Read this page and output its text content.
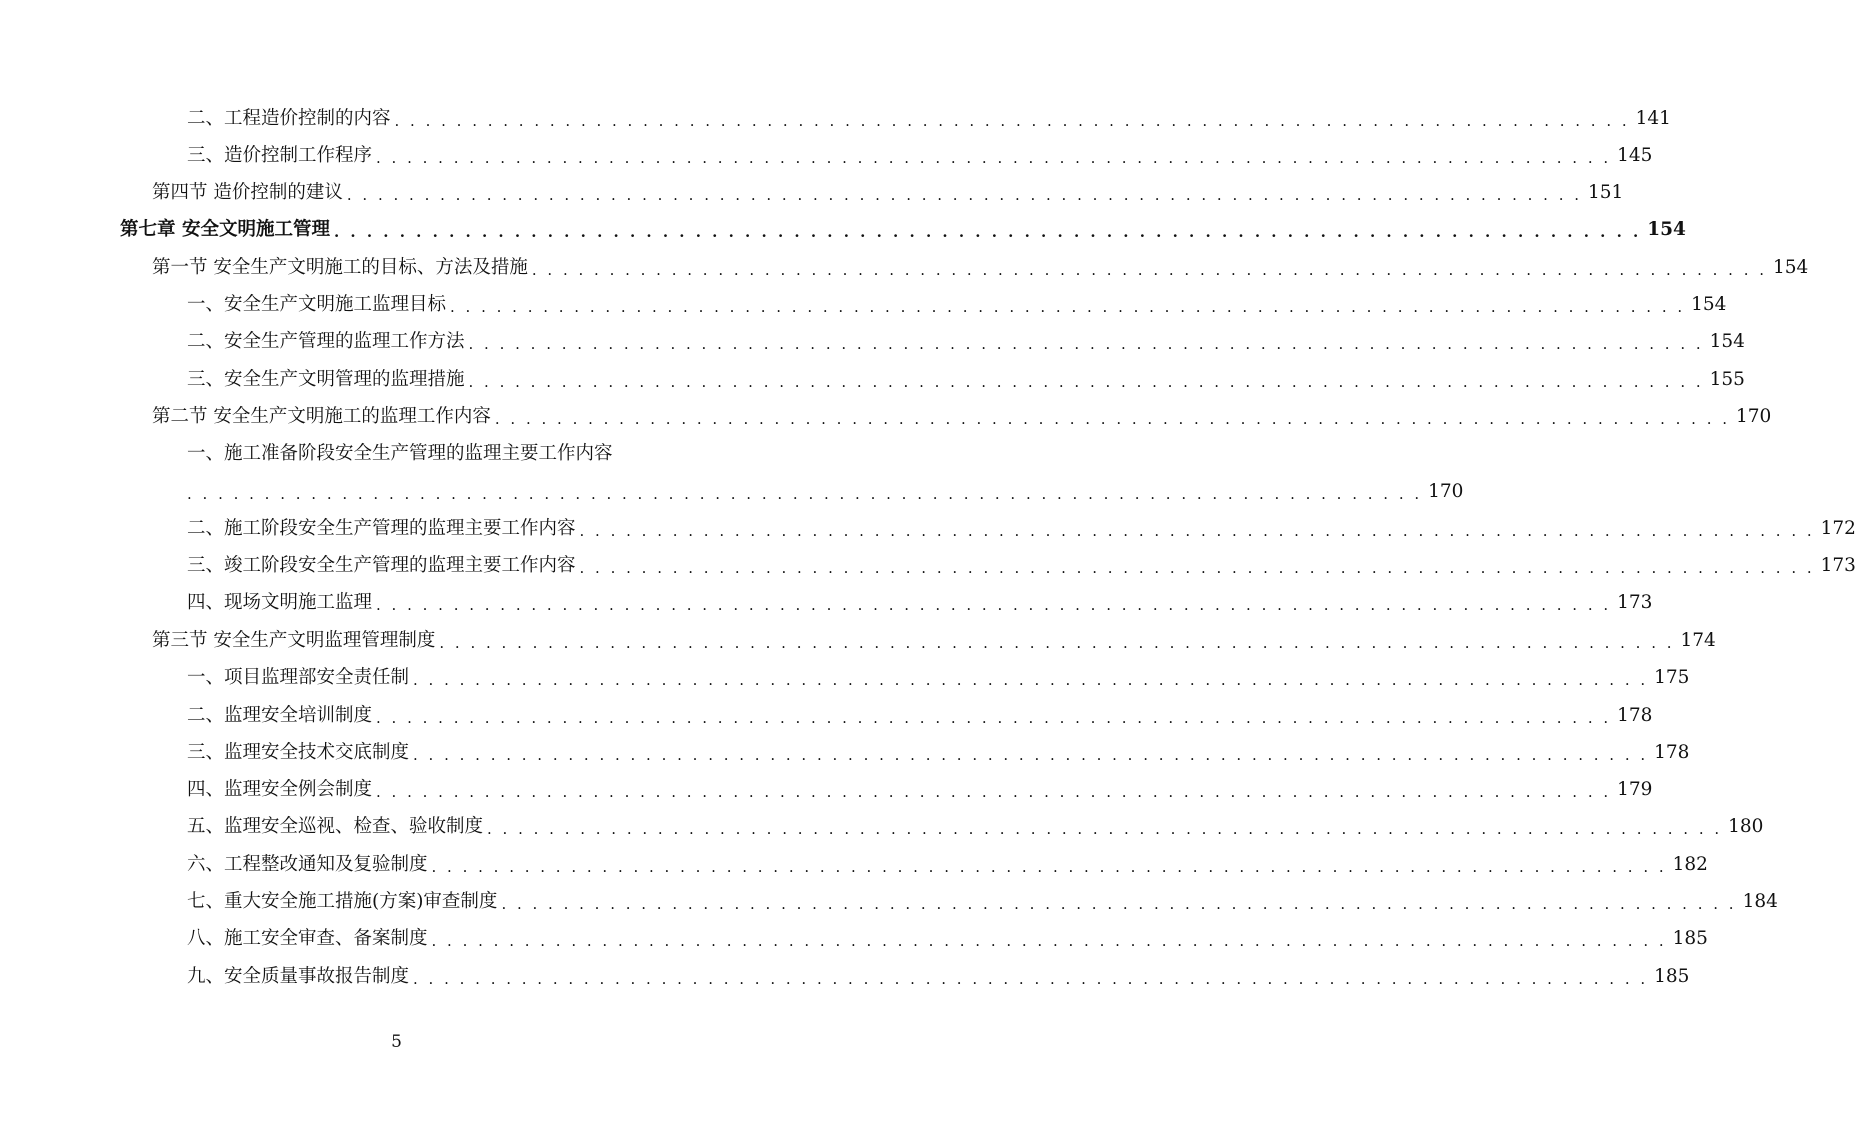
二、工程造价控制的内容 . . . . . . . . . . . . . . . . . . . . . . . . . . . . . . . . . . . . . . . . . . . . . . . . . . . . . . . . . . . . . . . . . . . . . . . . . . . . . . . . 141
三、造价控制工作程序 . . . . . . . . . . . . . . . . . . . . . . . . . . . . . . . . . . . . . . . . . . . . . . . . . . . . . . . . . . . . . . . . . . . . . . . . . . . . . . . . 145
第四节 造价控制的建议 . . . . . . . . . . . . . . . . . . . . . . . . . . . . . . . . . . . . . . . . . . . . . . . . . . . . . . . . . . . . . . . . . . . . . . . . . . . . . . . . 151
第七章 安全文明施工管理 . . . . . . . . . . . . . . . . . . . . . . . . . . . . . . . . . . . . . . . . . . . . . . . . . . . . . . . . . . . . . . . . . . . . . . . . . . . . . . . . 154
第一节 安全生产文明施工的目标、方法及措施 . . . . . . . . . . . . . . . . . . . . . . . . . . . . . . . . . . . . . . . . . . . . . . . . . . . . . . . . . . . . . . . . . . . . . . . . . . . . . . . . 154
一、安全生产文明施工监理目标 . . . . . . . . . . . . . . . . . . . . . . . . . . . . . . . . . . . . . . . . . . . . . . . . . . . . . . . . . . . . . . . . . . . . . . . . . . . . . . . . 154
二、安全生产管理的监理工作方法 . . . . . . . . . . . . . . . . . . . . . . . . . . . . . . . . . . . . . . . . . . . . . . . . . . . . . . . . . . . . . . . . . . . . . . . . . . . . . . . . 154
三、安全生产文明管理的监理措施 . . . . . . . . . . . . . . . . . . . . . . . . . . . . . . . . . . . . . . . . . . . . . . . . . . . . . . . . . . . . . . . . . . . . . . . . . . . . . . . . 155
第二节 安全生产文明施工的监理工作内容 . . . . . . . . . . . . . . . . . . . . . . . . . . . . . . . . . . . . . . . . . . . . . . . . . . . . . . . . . . . . . . . . . . . . . . . . . . . . . . . . 170
一、施工准备阶段安全生产管理的监理主要工作内容
. . . . . . . . . . . . . . . . . . . . . . . . . . . . . . . . . . . . . . . . . . . . . . . . . . . . . . . . . . . . . . . . . . . . . . . . . . . . . . . . 170
二、施工阶段安全生产管理的监理主要工作内容 . . . . . . . . . . . . . . . . . . . . . . . . . . . . . . . . . . . . . . . . . . . . . . . . . . . . . . . . . . . . . . . . . . . . . . . . . . . . . . . . 172
三、竣工阶段安全生产管理的监理主要工作内容 . . . . . . . . . . . . . . . . . . . . . . . . . . . . . . . . . . . . . . . . . . . . . . . . . . . . . . . . . . . . . . . . . . . . . . . . . . . . . . . . 173
四、现场文明施工监理 . . . . . . . . . . . . . . . . . . . . . . . . . . . . . . . . . . . . . . . . . . . . . . . . . . . . . . . . . . . . . . . . . . . . . . . . . . . . . . . . 173
第三节 安全生产文明监理管理制度 . . . . . . . . . . . . . . . . . . . . . . . . . . . . . . . . . . . . . . . . . . . . . . . . . . . . . . . . . . . . . . . . . . . . . . . . . . . . . . . . 174
一、项目监理部安全责任制 . . . . . . . . . . . . . . . . . . . . . . . . . . . . . . . . . . . . . . . . . . . . . . . . . . . . . . . . . . . . . . . . . . . . . . . . . . . . . . . . 175
二、监理安全培训制度 . . . . . . . . . . . . . . . . . . . . . . . . . . . . . . . . . . . . . . . . . . . . . . . . . . . . . . . . . . . . . . . . . . . . . . . . . . . . . . . . 178
三、监理安全技术交底制度 . . . . . . . . . . . . . . . . . . . . . . . . . . . . . . . . . . . . . . . . . . . . . . . . . . . . . . . . . . . . . . . . . . . . . . . . . . . . . . . . 178
四、监理安全例会制度 . . . . . . . . . . . . . . . . . . . . . . . . . . . . . . . . . . . . . . . . . . . . . . . . . . . . . . . . . . . . . . . . . . . . . . . . . . . . . . . . 179
五、监理安全巡视、检查、验收制度 . . . . . . . . . . . . . . . . . . . . . . . . . . . . . . . . . . . . . . . . . . . . . . . . . . . . . . . . . . . . . . . . . . . . . . . . . . . . . . . . 180
六、工程整改通知及复验制度 . . . . . . . . . . . . . . . . . . . . . . . . . . . . . . . . . . . . . . . . . . . . . . . . . . . . . . . . . . . . . . . . . . . . . . . . . . . . . . . . 182
七、重大安全施工措施(方案)审查制度 . . . . . . . . . . . . . . . . . . . . . . . . . . . . . . . . . . . . . . . . . . . . . . . . . . . . . . . . . . . . . . . . . . . . . . . . . . . . . . . . 184
八、施工安全审查、备案制度 . . . . . . . . . . . . . . . . . . . . . . . . . . . . . . . . . . . . . . . . . . . . . . . . . . . . . . . . . . . . . . . . . . . . . . . . . . . . . . . . 185
九、安全质量事故报告制度 . . . . . . . . . . . . . . . . . . . . . . . . . . . . . . . . . . . . . . . . . . . . . . . . . . . . . . . . . . . . . . . . . . . . . . . . . . . . . . . . 185
5
